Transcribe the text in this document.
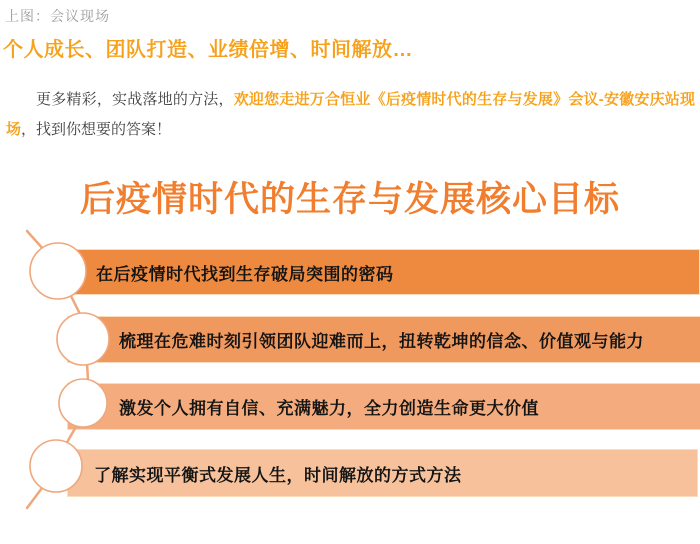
上图：会议现场
个人成长、团队打造、业绩倍增、时间解放…

更多精彩，实战落地的方法，欢迎您走进万合恒业《后疫情时代的生存与发展》会议-安徽安庆站现场，找到你想要的答案！

后疫情时代的生存与发展核心目标
在后疫情时代找到生存破局突围的密码
梳理在危难时刻引领团队迎难而上，扭转乾坤的信念、价值观与能力
激发个人拥有自信、充满魅力，全力创造生命更大价值
了解实现平衡式发展人生，时间解放的方式方法
